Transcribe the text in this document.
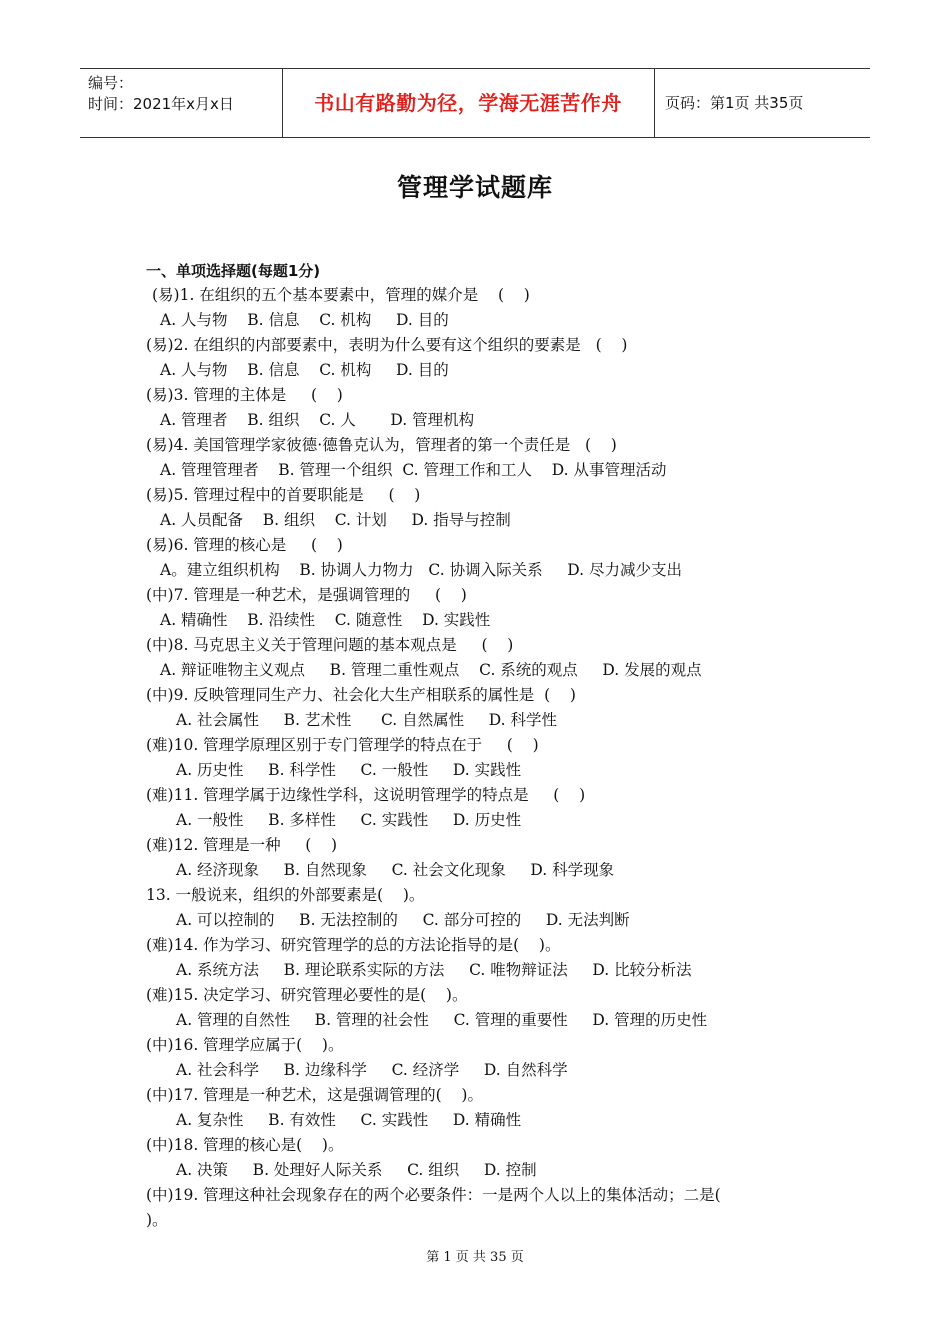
编号：
时间：2021年x月x日	书山有路勤为径，学海无涯苦作舟	页码：第1页 共35页
管理学试题库
一、单项选择题(每题1分)
(易)1. 在组织的五个基本要素中，管理的媒介是    (    )
A. 人与物    B. 信息    C. 机构     D. 目的
(易)2. 在组织的内部要素中，表明为什么要有这个组织的要素是   (    )
A. 人与物    B. 信息    C. 机构     D. 目的
(易)3. 管理的主体是     (    )
A. 管理者    B. 组织    C. 人       D. 管理机构
(易)4. 美国管理学家彼德·德鲁克认为，管理者的第一个责任是   (    )
A. 管理管理者    B. 管理一个组织  C. 管理工作和工人    D. 从事管理活动
(易)5. 管理过程中的首要职能是     (    )
A. 人员配备    B. 组织    C. 计划     D. 指导与控制
(易)6. 管理的核心是     (    )
A。建立组织机构    B. 协调人力物力   C. 协调入际关系     D. 尽力减少支出
(中)7. 管理是一种艺术，是强调管理的     (    )
A. 精确性    B. 沿续性    C. 随意性    D. 实践性
(中)8. 马克思主义关于管理问题的基本观点是     (    )
A. 辩证唯物主义观点     B. 管理二重性观点    C. 系统的观点     D. 发展的观点
(中)9. 反映管理同生产力、社会化大生产相联系的属性是  (    )
A. 社会属性     B. 艺术性      C. 自然属性     D. 科学性
(难)10. 管理学原理区别于专门管理学的特点在于     (    )
A. 历史性     B. 科学性     C. 一般性     D. 实践性
(难)11. 管理学属于边缘性学科，这说明管理学的特点是     (    )
A. 一般性     B. 多样性     C. 实践性     D. 历史性
(难)12. 管理是一种     (    )
A. 经济现象     B. 自然现象     C. 社会文化现象     D. 科学现象
13. 一般说来，组织的外部要素是(    )。
A. 可以控制的     B. 无法控制的     C. 部分可控的     D. 无法判断
(难)14. 作为学习、研究管理学的总的方法论指导的是(    )。
A. 系统方法     B. 理论联系实际的方法     C. 唯物辩证法     D. 比较分析法
(难)15. 决定学习、研究管理必要性的是(    )。
A. 管理的自然性     B. 管理的社会性     C. 管理的重要性     D. 管理的历史性
(中)16. 管理学应属于(    )。
A. 社会科学     B. 边缘科学     C. 经济学     D. 自然科学
(中)17. 管理是一种艺术，这是强调管理的(    )。
A. 复杂性     B. 有效性     C. 实践性     D. 精确性
(中)18. 管理的核心是(    )。
A. 决策     B. 处理好人际关系     C. 组织     D. 控制
(中)19. 管理这种社会现象存在的两个必要条件：一是两个人以上的集体活动；二是(
)。
第 1 页 共 35 页
